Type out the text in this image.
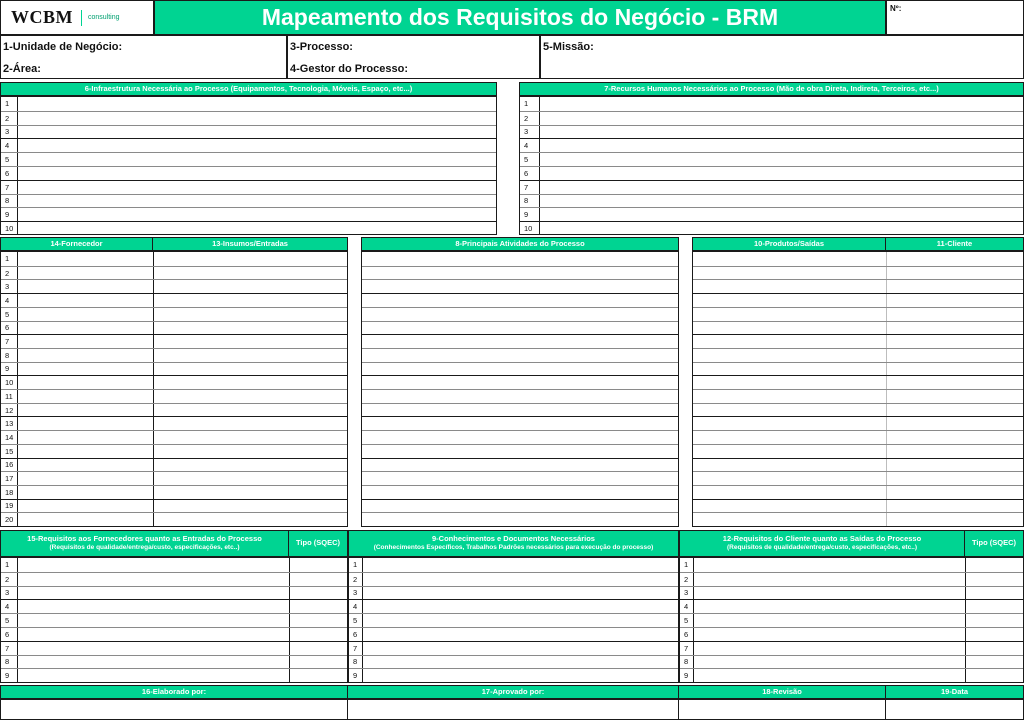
WCBM consulting	Mapeamento dos Requisitos do Negócio - BRM	Nº:
1-Unidade de Negócio:
2-Área:
3-Processo:
4-Gestor do Processo:
5-Missão:
6-Infraestrutura Necessária ao Processo (Equipamentos, Tecnologia, Móveis, Espaço, etc...)
1
2
3
4
5
6
7
8
9
10
7-Recursos Humanos Necessários ao Processo (Mão de obra Direta, Indireta, Terceiros, etc...)
1
2
3
4
5
6
7
8
9
10
14-Fornecedor	13-Insumos/Entradas
1
2
3
4
5
6
7
8
9
10
11
12
13
14
15
16
17
18
19
20
8-Principais Atividades do Processo	10-Produtos/Saídas	11-Cliente
15-Requisitos aos Fornecedores quanto as Entradas do Processo
(Requisitos de qualidade/entrega/custo, especificações, etc..)
Tipo (SQEC)
1
2
3
4
5
6
7
8
9
9-Conhecimentos e Documentos Necessários
(Conhecimentos Específicos, Trabalhos Padrões necessários para execução do processo)
1
2
3
4
5
6
7
8
9
12-Requisitos do Cliente quanto as Saídas do Processo
(Requisitos de qualidade/entrega/custo, especificações, etc..)
Tipo (SQEC)
1
2
3
4
5
6
7
8
9
16-Elaborado por:	17-Aprovado por:	18-Revisão	19-Data
